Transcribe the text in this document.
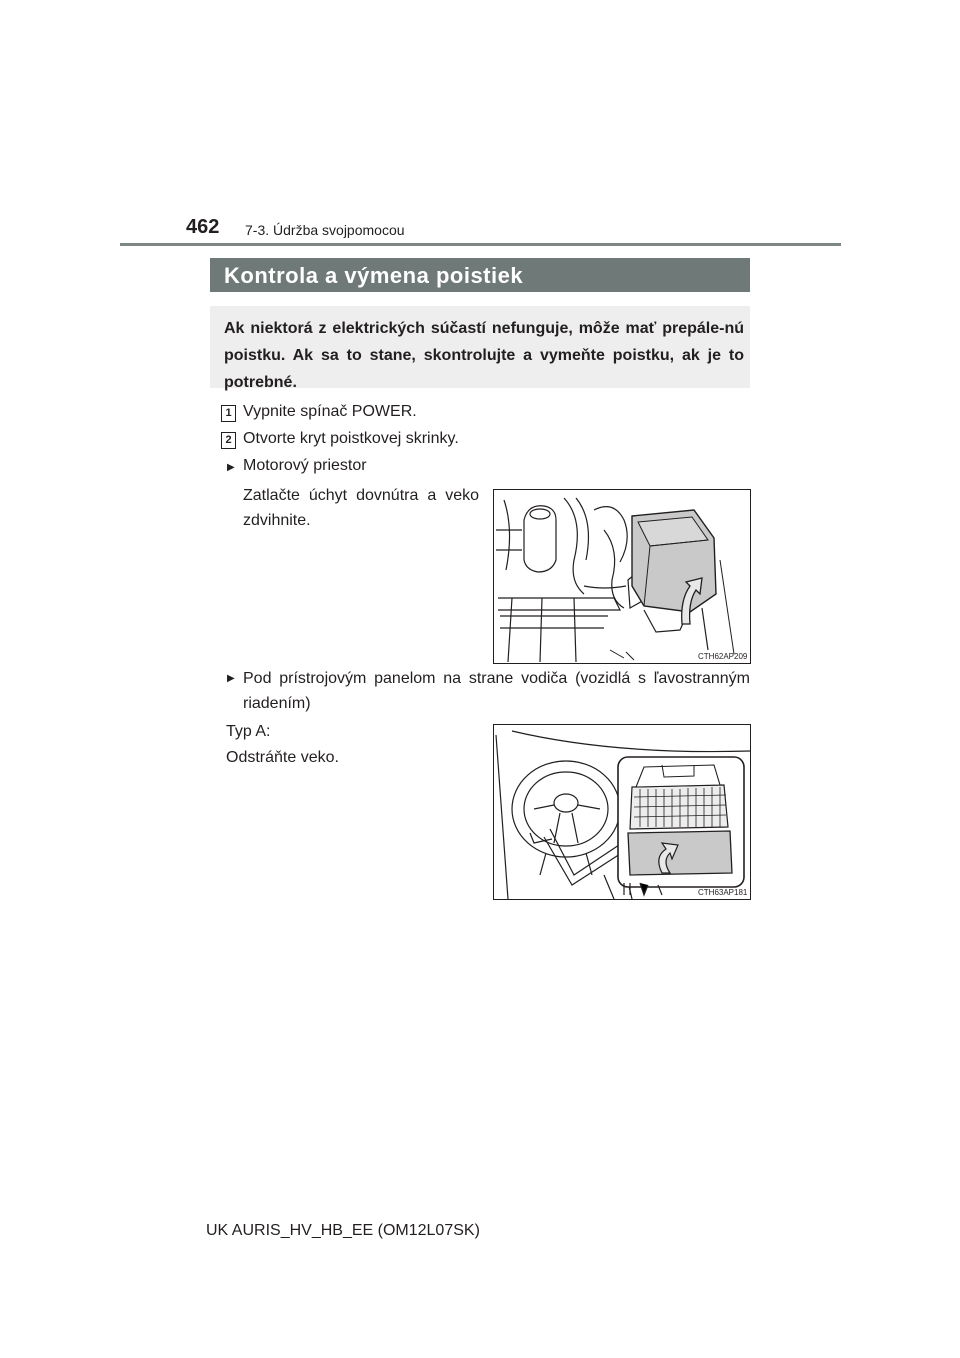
462 7-3. Údržba svojpomocou
Kontrola a výmena poistiek
Ak niektorá z elektrických súčastí nefunguje, môže mať prepále-nú poistku. Ak sa to stane, skontrolujte a vymeňte poistku, ak je to potrebné.
1 Vypnite spínač POWER.
2 Otvorte kryt poistkovej skrinky.
▶ Motorový priestor
Zatlačte úchyt dovnútra a veko zdvihnite.
CTH62AP209
▶ Pod prístrojovým panelom na strane vodiča (vozidlá s ľavostranným riadením)
Typ A:
Odstráňte veko.
CTH63AP181
UK AURIS_HV_HB_EE (OM12L07SK)
